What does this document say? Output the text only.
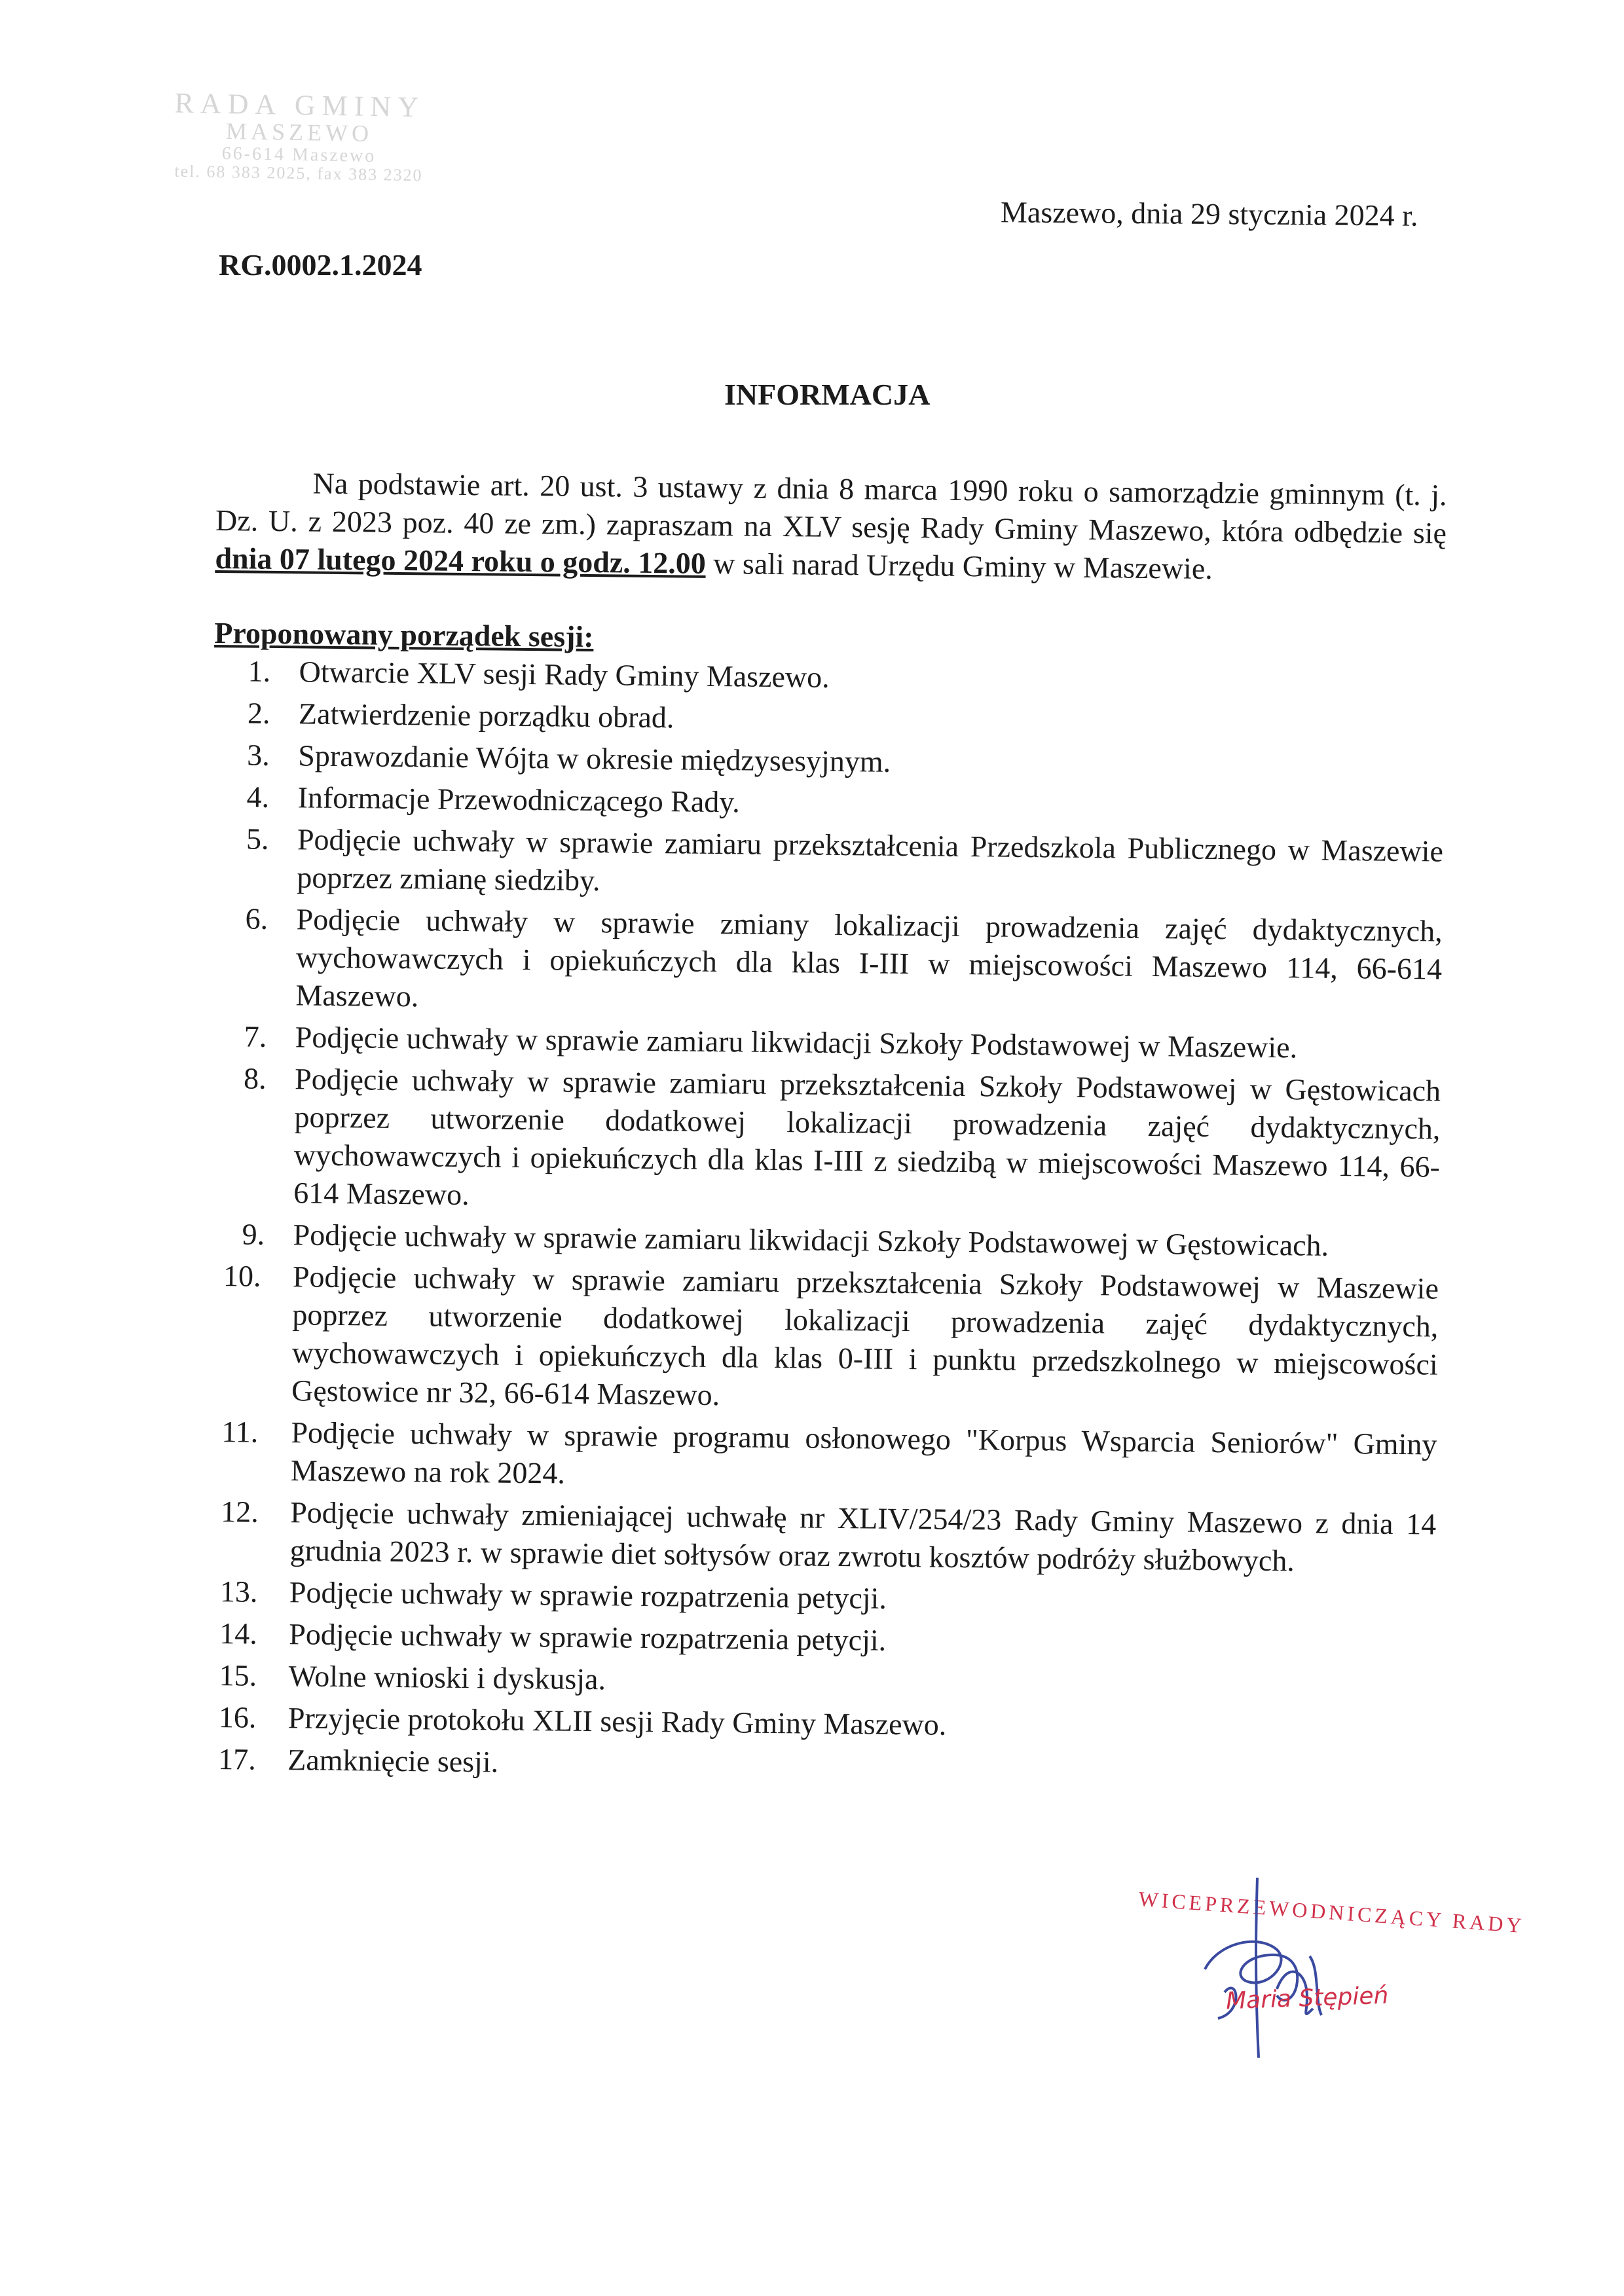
RADA GMINY
MASZEWO
66-614 Maszewo
tel. 68 383 2025, fax 383 2320
Maszewo, dnia 29 stycznia 2024 r.
RG.0002.1.2024
INFORMACJA

Na podstawie art. 20 ust. 3 ustawy z dnia 8 marca 1990 roku o samorządzie gminnym (t. j. Dz. U. z 2023 poz. 40 ze zm.) zapraszam na XLV sesję Rady Gminy Maszewo, która odbędzie się dnia 07 lutego 2024 roku o godz. 12.00 w sali narad Urzędu Gminy w Maszewie.

Proponowany porządek sesji:
1. Otwarcie XLV sesji Rady Gminy Maszewo.
2. Zatwierdzenie porządku obrad.
3. Sprawozdanie Wójta w okresie międzysesyjnym.
4. Informacje Przewodniczącego Rady.
5. Podjęcie uchwały w sprawie zamiaru przekształcenia Przedszkola Publicznego w Maszewie poprzez zmianę siedziby.
6. Podjęcie uchwały w sprawie zmiany lokalizacji prowadzenia zajęć dydaktycznych, wychowawczych i opiekuńczych dla klas I-III w miejscowości Maszewo 114, 66-614 Maszewo.
7. Podjęcie uchwały w sprawie zamiaru likwidacji Szkoły Podstawowej w Maszewie.
8. Podjęcie uchwały w sprawie zamiaru przekształcenia Szkoły Podstawowej w Gęstowicach poprzez utworzenie dodatkowej lokalizacji prowadzenia zajęć dydaktycznych, wychowawczych i opiekuńczych dla klas I-III z siedzibą w miejscowości Maszewo 114, 66-614 Maszewo.
9. Podjęcie uchwały w sprawie zamiaru likwidacji Szkoły Podstawowej w Gęstowicach.
10. Podjęcie uchwały w sprawie zamiaru przekształcenia Szkoły Podstawowej w Maszewie poprzez utworzenie dodatkowej lokalizacji prowadzenia zajęć dydaktycznych, wychowawczych i opiekuńczych dla klas 0-III i punktu przedszkolnego w miejscowości Gęstowice nr 32, 66-614 Maszewo.
11. Podjęcie uchwały w sprawie programu osłonowego "Korpus Wsparcia Seniorów" Gminy Maszewo na rok 2024.
12. Podjęcie uchwały zmieniającej uchwałę nr XLIV/254/23 Rady Gminy Maszewo z dnia 14 grudnia 2023 r. w sprawie diet sołtysów oraz zwrotu kosztów podróży służbowych.
13. Podjęcie uchwały w sprawie rozpatrzenia petycji.
14. Podjęcie uchwały w sprawie rozpatrzenia petycji.
15. Wolne wnioski i dyskusja.
16. Przyjęcie protokołu XLII sesji Rady Gminy Maszewo.
17. Zamknięcie sesji.
WICEPRZEWODNICZĄCY RADY
Maria Stępień
